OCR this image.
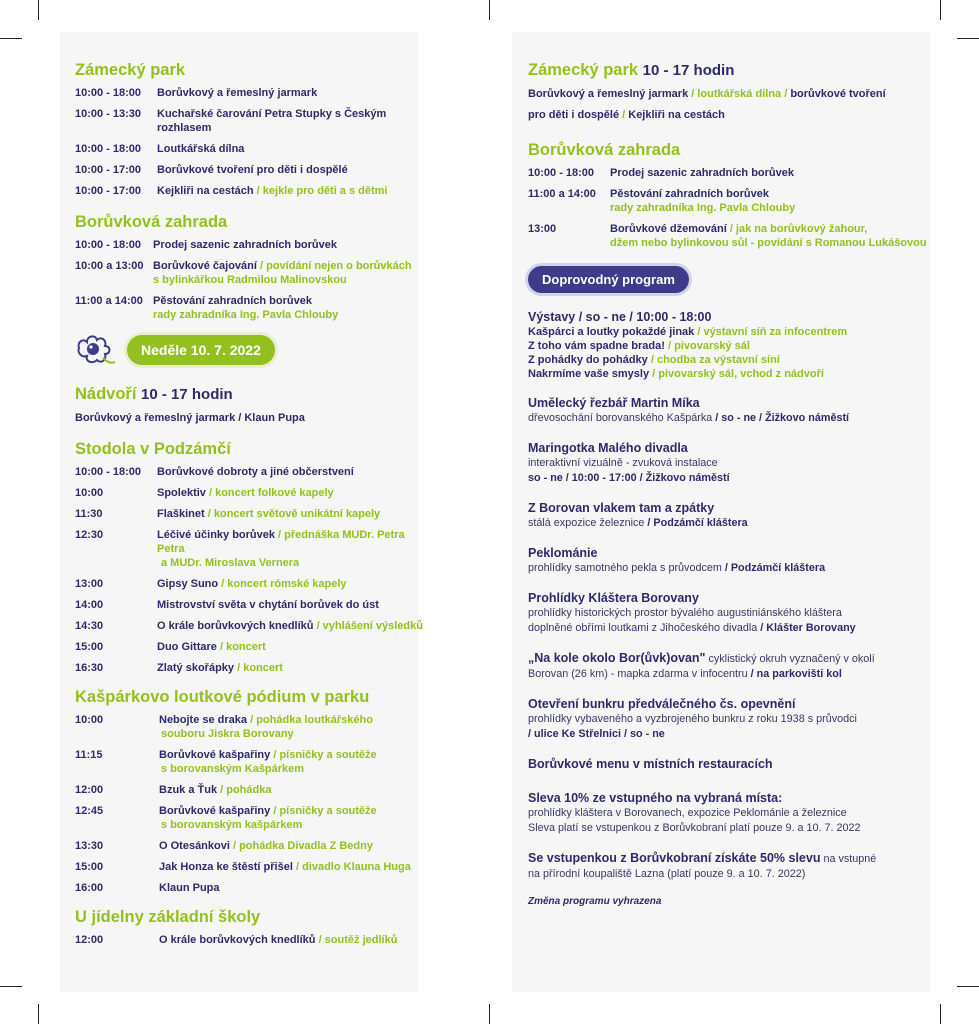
Zámecký park
10:00 - 18:00	Borůvkový a řemeslný jarmark
10:00 - 13:30	Kuchařské čarování Petra Stupky s Českým rozhlasem
10:00 - 18:00	Loutkářská dílna
10:00 - 17:00	Borůvkové tvoření pro děti i dospělé
10:00 - 17:00	Kejkliři na cestách / kejkle pro děti a s dětmi
Borůvková zahrada
10:00 - 18:00	Prodej sazenic zahradních borůvek
10:00 a 13:00 Borůvkové čajování / povídání nejen o borůvkách
s bylinkářkou Radmilou Malinovskou
11:00 a 14:00 Pěstování zahradních borůvek
rady zahradníka Ing. Pavla Chlouby
Neděle 10. 7. 2022
Nádvoří 10 - 17 hodin
Borůvkový a řemeslný jarmark / Klaun Pupa
Stodola v Podzámčí
10:00 - 18:00	Borůvkové dobroty a jiné občerstvení
10:00	Spolektiv / koncert folkové kapely
11:30	Flaškinet / koncert světově unikátní kapely
12:30	Léčivé účinky borůvek / přednáška MUDr. Petra Petra
a MUDr. Miroslava Vernera
13:00	Gipsy Suno / koncert rómské kapely
14:00	Mistrovství světa v chytání borůvek do úst
14:30	O krále borůvkových knedlíků / vyhlášení výsledků
15:00	Duo Gittare / koncert
16:30	Zlatý skořápky / koncert
Kašpárkovo loutkové pódium v parku
10:00	Nebojte se draka / pohádka loutkářského
souboru Jiskra Borovany
11:15	Borůvkové kašpařiny / písničky a soutěže
s borovanským Kašpárkem
12:00	Bzuk a Ťuk / pohádka
12:45	Borůvkové kašpařiny / písničky a soutěže
s borovanským kašpárkem
13:30	O Otesánkovi / pohádka Divadla Z Bedny
15:00	Jak Honza ke štěstí přišel / divadlo Klauna Huga
16:00	Klaun Pupa
U jídelny základní školy
12:00	O krále borůvkových knedlíků / soutěž jedlíků
Zámecký park 10 - 17 hodin
Borůvkový a řemeslný jarmark / loutkářská dílna / borůvkové tvoření
pro děti i dospělé / Kejkliři na cestách
Borůvková zahrada
10:00 - 18:00	Prodej sazenic zahradních borůvek
11:00 a 14:00	Pěstování zahradních borůvek
rady zahradníka Ing. Pavla Chlouby
13:00	Borůvkové džemování / jak na borůvkový žahour,
džem nebo bylinkovou sůl - povídání s Romanou Lukášovou
Doprovodný program
Výstavy / so - ne / 10:00 - 18:00
Kašpárci a loutky pokaždé jinak / výstavní síň za infocentrem
Z toho vám spadne brada! / pivovarský sál
Z pohádky do pohádky / chodba za výstavní síní
Nakrmíme vaše smysly / pivovarský sál, vchod z nádvoří
Umělecký řezbář Martin Míka
dřevosochání borovanského Kašpárka / so - ne / Žižkovo náměstí
Maringotka Malého divadla
interaktivní vizuálně - zvuková instalace
so - ne / 10:00 - 17:00 / Žižkovo náměstí
Z Borovan vlakem tam a zpátky
stálá expozice železnice / Podzámčí kláštera
Peklománie
prohlídky samotného pekla s průvodcem / Podzámčí kláštera
Prohlídky Kláštera Borovany
prohlídky historických prostor bývalého augustiniánského kláštera
doplněné obřími loutkami z Jihočeského divadla / Klášter Borovany
„Na kole okolo Bor(ůvk)ovan" cyklistický okruh vyznačený v okolí
Borovan (26 km) - mapka zdarma v infocentru / na parkovišti kol
Otevření bunkru předválečného čs. opevnění
prohlídky vybaveného a vyzbrojeného bunkru z roku 1938 s průvodci
/ ulice Ke Střelnici / so - ne
Borůvkové menu v místních restauracích
Sleva 10% ze vstupného na vybraná místa:
prohlídky kláštera v Borovanech, expozice Peklománie a železnice
Sleva platí se vstupenkou z Borůvkobraní platí pouze 9. a 10. 7. 2022
Se vstupenkou z Borůvkobraní získáte 50% slevu na vstupné
na přírodní koupaliště Lazna (platí pouze 9. a 10. 7. 2022)
Změna programu vyhrazena
